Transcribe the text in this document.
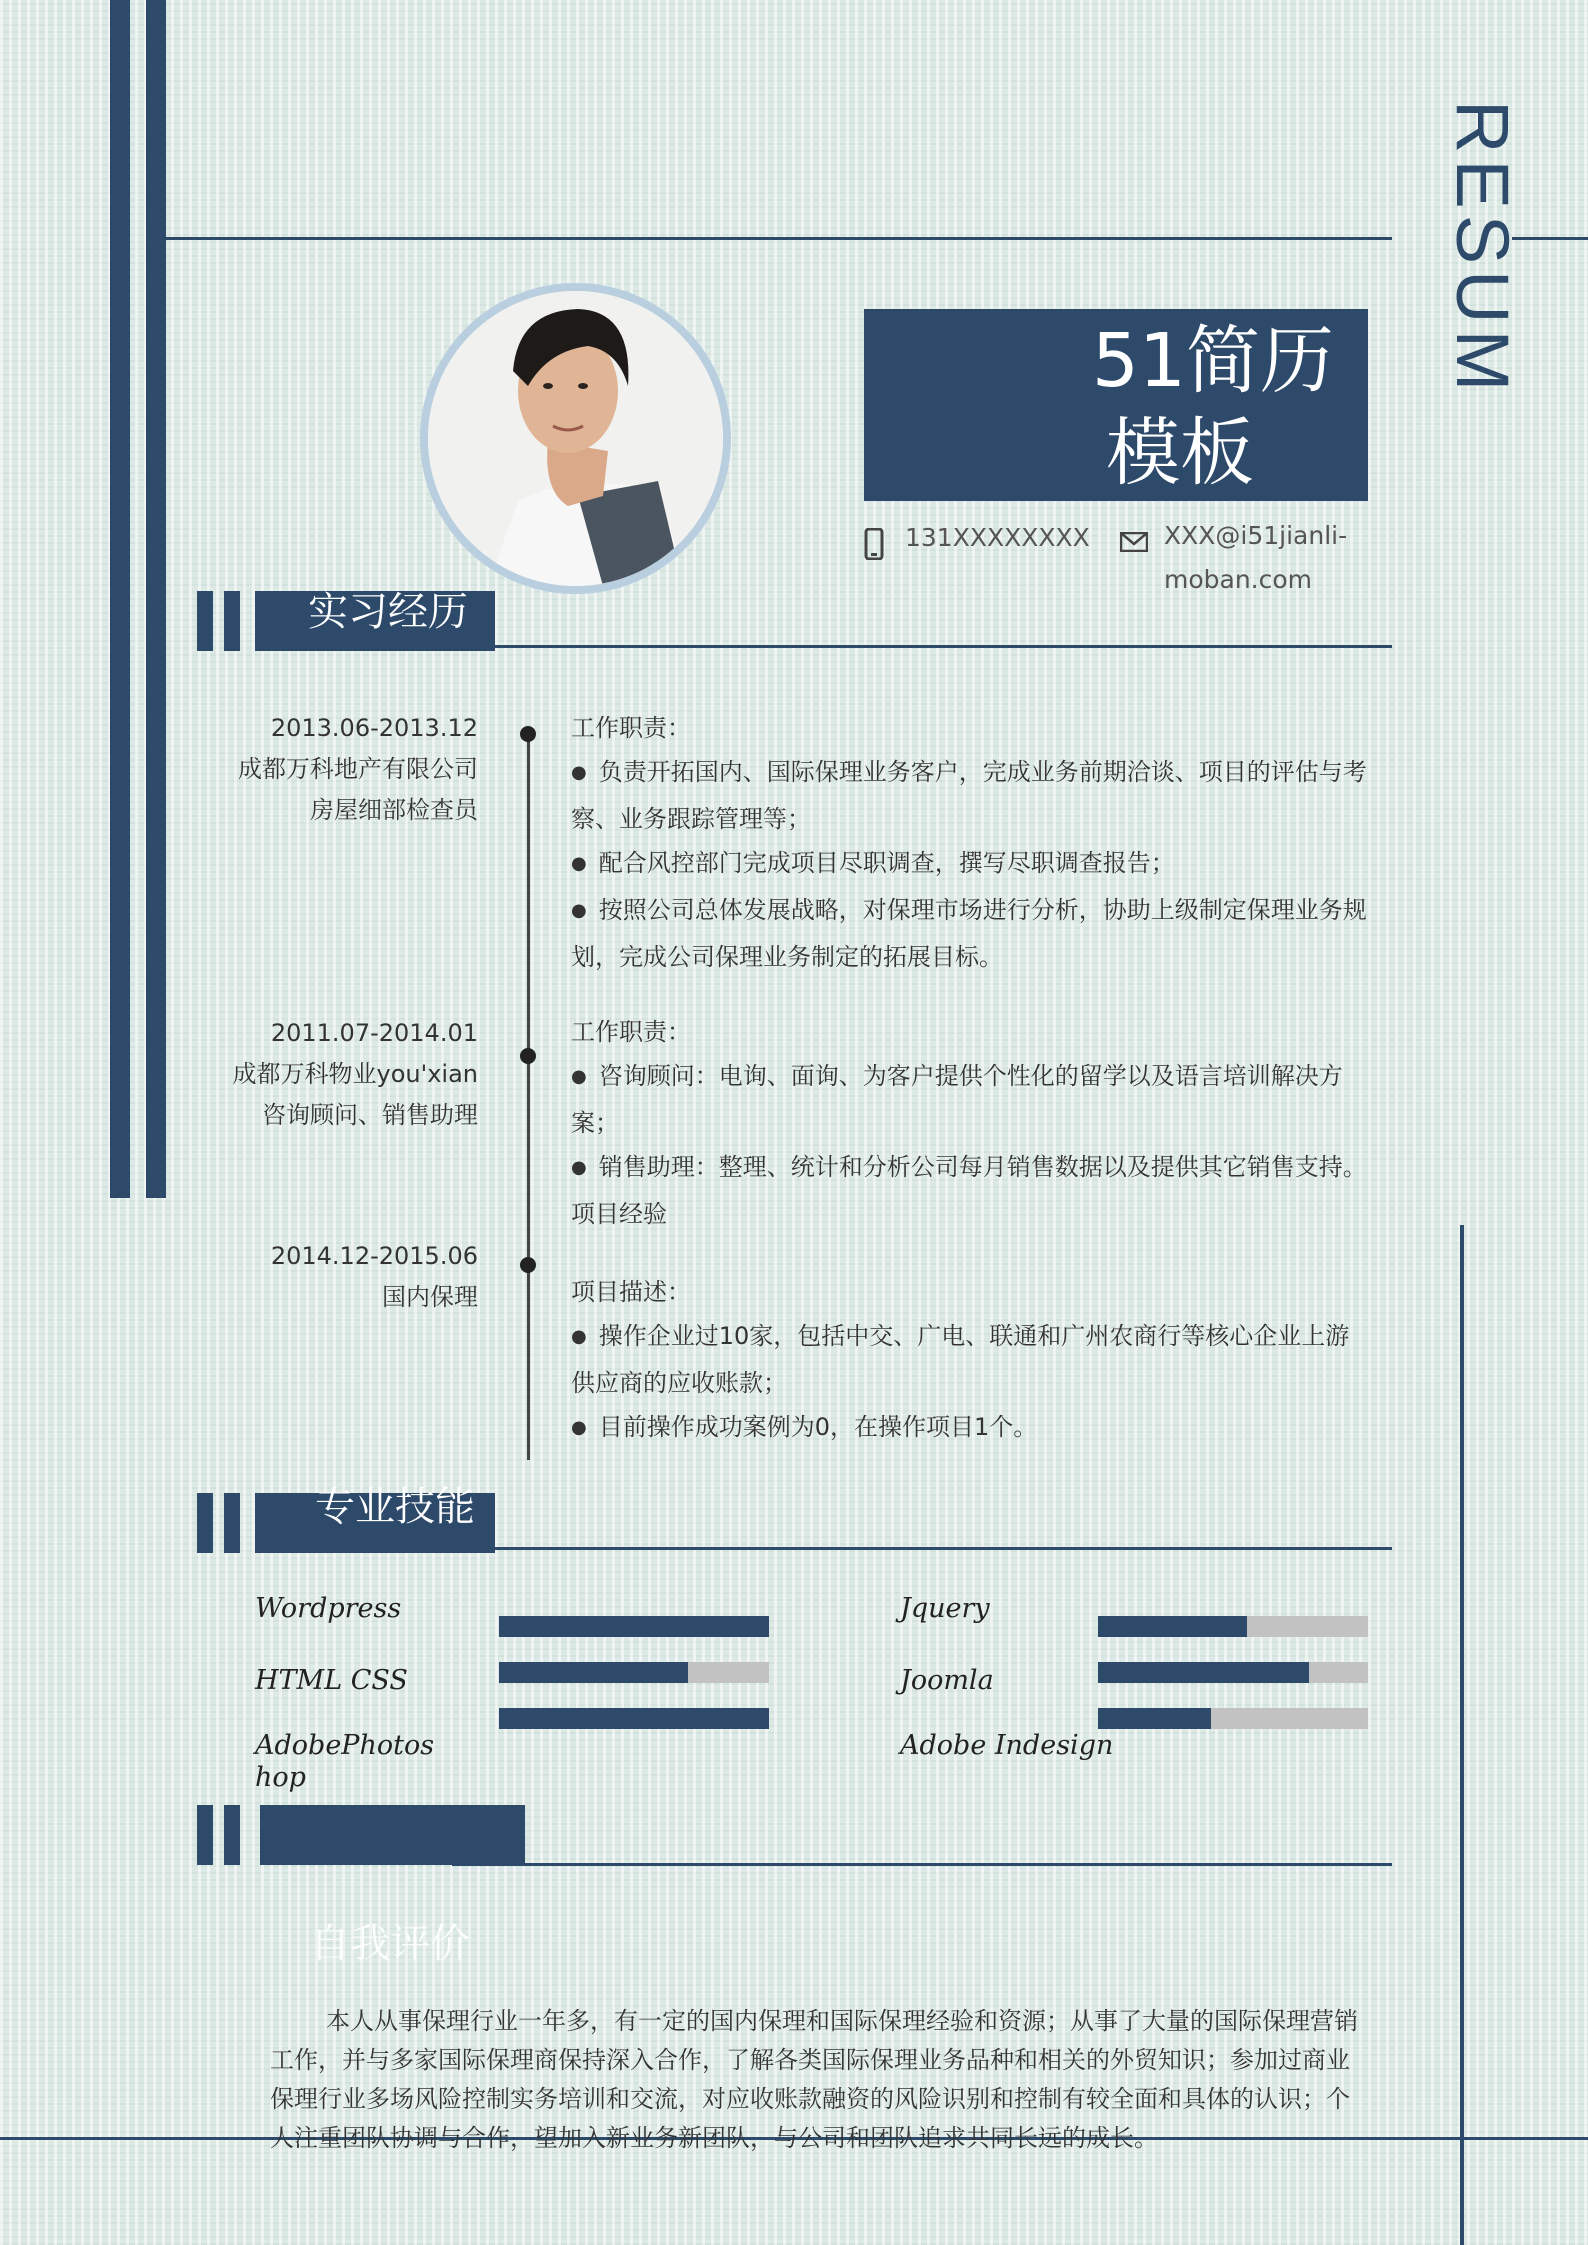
RESUM
51简历
模板
131XXXXXXXX	XXX@i51jianli-
moban.com
实习经历
2013.06-2013.12
成都万科地产有限公司
房屋细部检查员

工作职责：

● 负责开拓国内、国际保理业务客户，完成业务前期洽谈、项目的评估与考察、业务跟踪管理等；

● 配合风控部门完成项目尽职调查，撰写尽职调查报告；

● 按照公司总体发展战略，对保理市场进行分析，协助上级制定保理业务规划，完成公司保理业务制定的拓展目标。

2011.07-2014.01
成都万科物业you'xian
咨询顾问、销售助理

工作职责：

● 咨询顾问：电询、面询、为客户提供个性化的留学以及语言培训解决方案；

● 销售助理：整理、统计和分析公司每月销售数据以及提供其它销售支持。

项目经验

2014.12-2015.06
国内保理	项目描述：

● 操作企业过10家，包括中交、广电、联通和广州农商行等核心企业上游供应商的应收账款；

● 目前操作成功案例为0，在操作项目1个。

专业技能
Wordpress
HTML CSS
AdobePhotoshop
Jquery
Joomla
Adobe Indesign
自我评价
本人从事保理行业一年多，有一定的国内保理和国际保理经验和资源；从事了大量的国际保理营销工作，并与多家国际保理商保持深入合作，了解各类国际保理业务品种和相关的外贸知识；参加过商业保理行业多场风险控制实务培训和交流，对应收账款融资的风险识别和控制有较全面和具体的认识；个人注重团队协调与合作，望加入新业务新团队，与公司和团队追求共同长远的成长。
